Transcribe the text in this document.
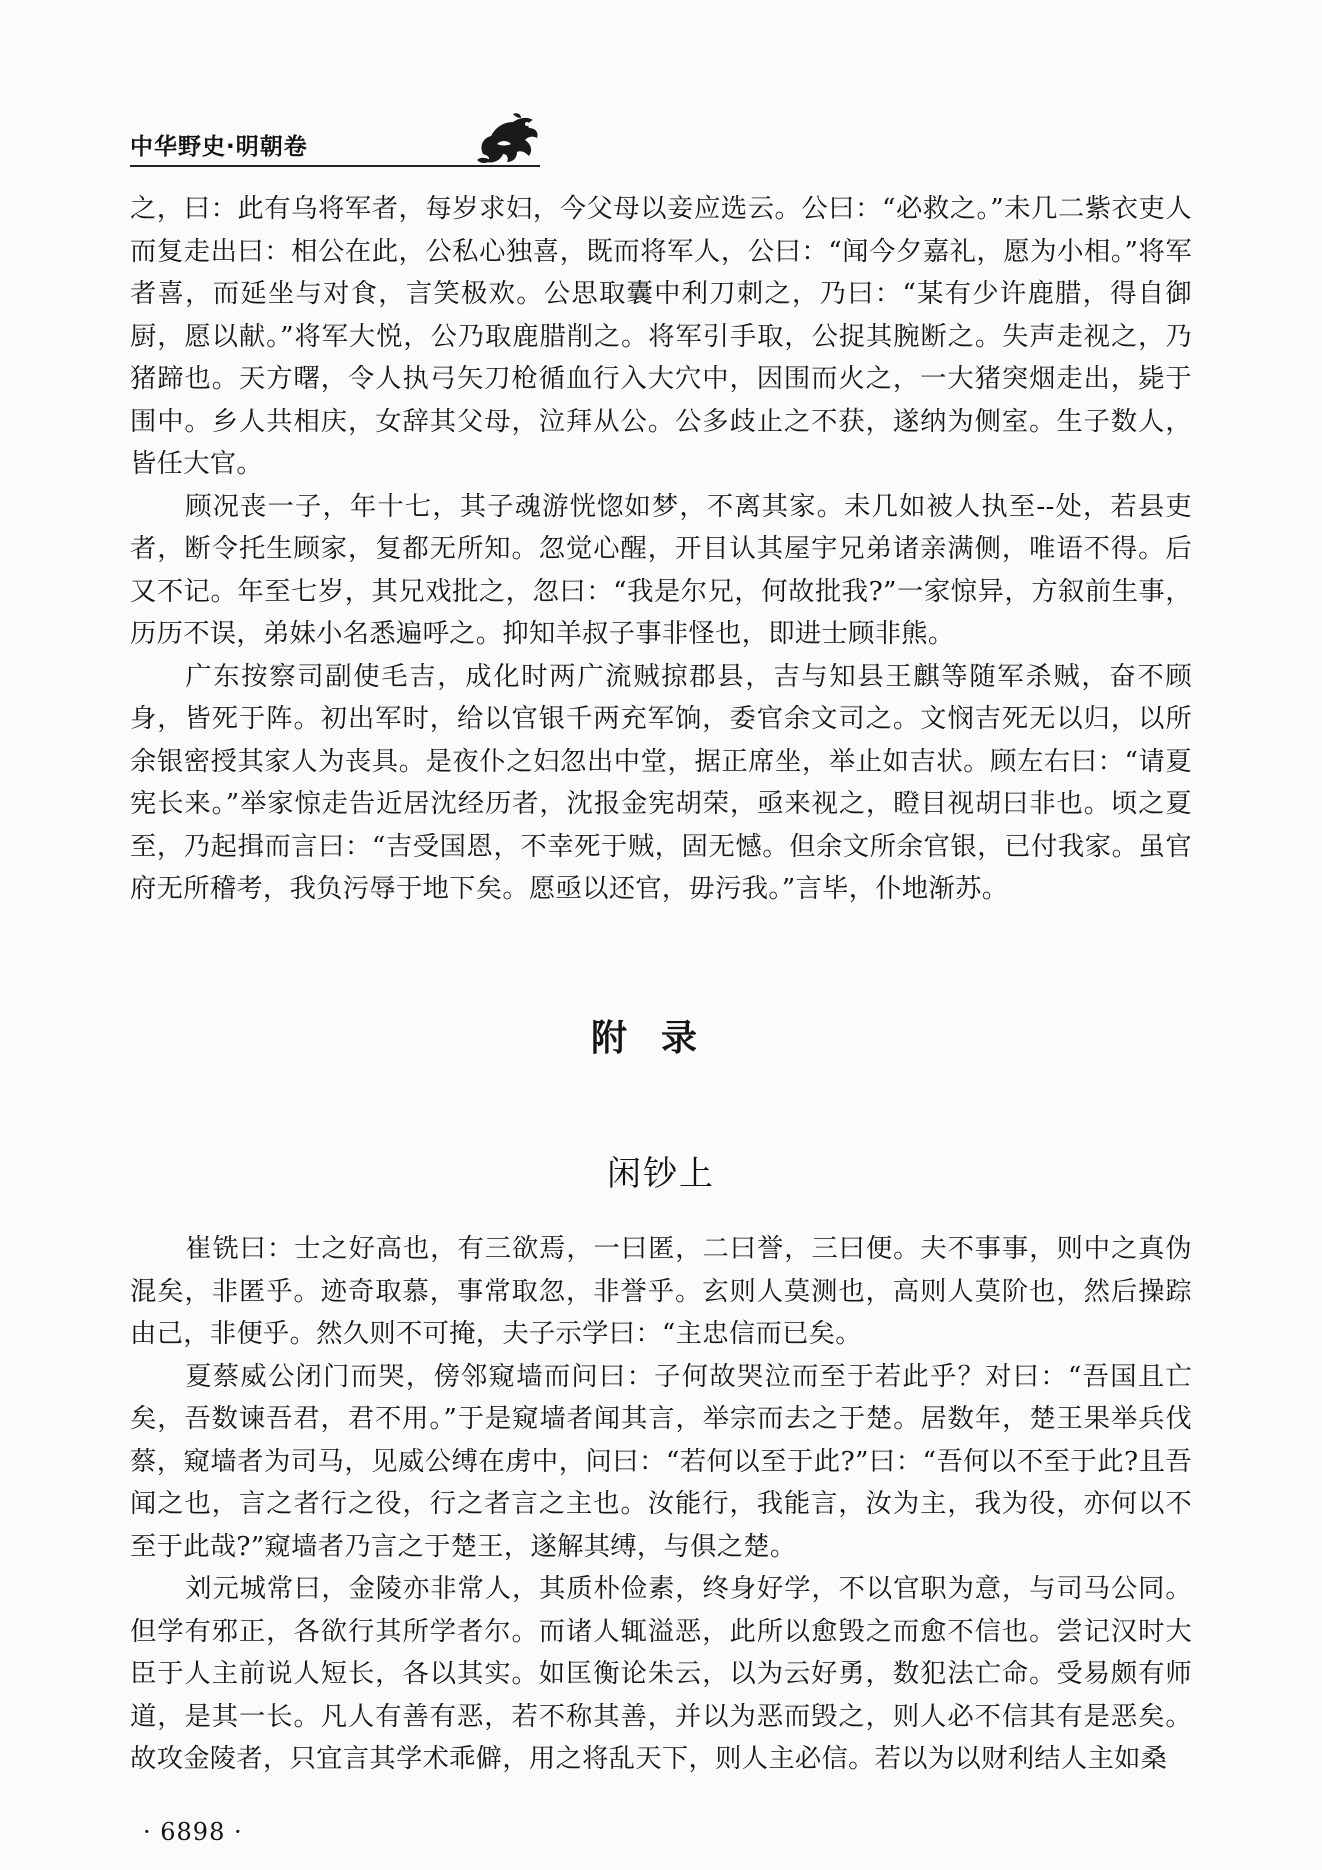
中华野史·明朝卷

之，曰：此有乌将军者，每岁求妇，今父母以妾应选云。公曰：“必救之。”未几二紫衣吏人而复走出曰：相公在此，公私心独喜，既而将军人，公曰：“闻今夕嘉礼，愿为小相。”将军者喜，而延坐与对食，言笑极欢。公思取囊中利刀刺之，乃曰：“某有少许鹿腊，得自御厨，愿以献。”将军大悦，公乃取鹿腊削之。将军引手取，公捉其腕断之。失声走视之，乃猪蹄也。天方曙，令人执弓矢刀枪循血行入大穴中，因围而火之，一大猪突烟走出，毙于围中。乡人共相庆，女辞其父母，泣拜从公。公多歧止之不获，遂纳为侧室。生子数人，皆任大官。

顾况丧一子，年十七，其子魂游恍惚如梦，不离其家。未几如被人执至--处，若县吏者，断令托生顾家，复都无所知。忽觉心醒，开目认其屋宇兄弟诸亲满侧，唯语不得。后又不记。年至七岁，其兄戏批之，忽曰：“我是尔兄，何故批我?”一家惊异，方叙前生事，历历不误，弟妹小名悉遍呼之。抑知羊叔子事非怪也，即进士顾非熊。

广东按察司副使毛吉，成化时两广流贼掠郡县，吉与知县王麒等随军杀贼，奋不顾身，皆死于阵。初出军时，给以官银千两充军饷，委官余文司之。文悯吉死无以归，以所余银密授其家人为丧具。是夜仆之妇忽出中堂，据正席坐，举止如吉状。顾左右曰：“请夏宪长来。”举家惊走告近居沈经历者，沈报金宪胡荣，亟来视之，瞪目视胡曰非也。顷之夏至，乃起揖而言曰：“吉受国恩，不幸死于贼，固无憾。但余文所余官银，已付我家。虽官府无所稽考，我负污辱于地下矣。愿亟以还官，毋污我。”言毕，仆地渐苏。

附录
闲钞上

崔铣曰：士之好高也，有三欲焉，一曰匿，二曰誉，三曰便。夫不事事，则中之真伪混矣，非匿乎。迹奇取慕，事常取忽，非誉乎。玄则人莫测也，高则人莫阶也，然后操踪由己，非便乎。然久则不可掩，夫子示学曰：“主忠信而已矣。

夏蔡威公闭门而哭，傍邻窥墙而问曰：子何故哭泣而至于若此乎？对曰：“吾国且亡矣，吾数谏吾君，君不用。”于是窥墙者闻其言，举宗而去之于楚。居数年，楚王果举兵伐蔡，窥墙者为司马，见威公缚在虏中，问曰：“若何以至于此?”曰：“吾何以不至于此?且吾闻之也，言之者行之役，行之者言之主也。汝能行，我能言，汝为主，我为役，亦何以不至于此哉?”窥墙者乃言之于楚王，遂解其缚，与俱之楚。

刘元城常曰，金陵亦非常人，其质朴俭素，终身好学，不以官职为意，与司马公同。但学有邪正，各欲行其所学者尔。而诸人辄溢恶，此所以愈毁之而愈不信也。尝记汉时大臣于人主前说人短长，各以其实。如匡衡论朱云，以为云好勇，数犯法亡命。受易颇有师道，是其一长。凡人有善有恶，若不称其善，并以为恶而毁之，则人必不信其有是恶矣。故攻金陵者，只宜言其学术乖僻，用之将乱天下，则人主必信。若以为以财利结人主如桑

· 6898 ·
